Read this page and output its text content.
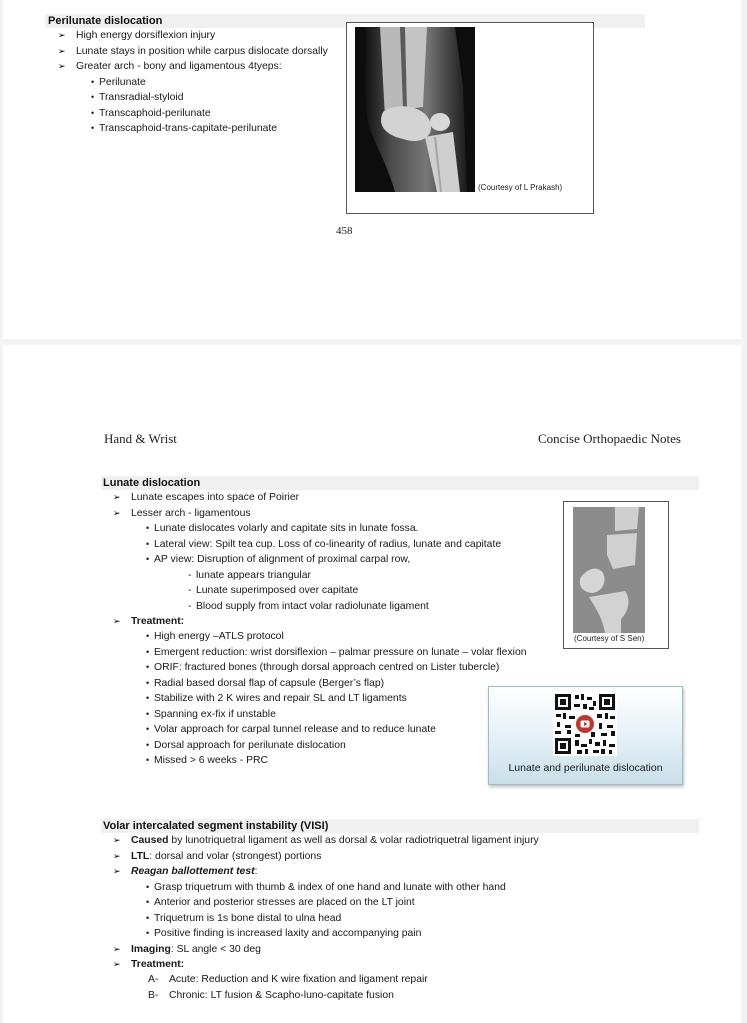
Perilunate dislocation
➢ High energy dorsiflexion injury
➢ Lunate stays in position while carpus dislocate dorsally
➢ Greater arch - bony and ligamentous 4tyeps:
• Perilunate
• Transradial-styloid
• Transcaphoid-perilunate
• Transcaphoid-trans-capitate-perilunate
(Courtesy of L Prakash)
458
Hand & Wrist	Concise Orthopaedic Notes
Lunate dislocation
➢ Lunate escapes into space of Poirier
➢ Lesser arch - ligamentous
• Lunate dislocates volarly and capitate sits in lunate fossa.
• Lateral view: Spilt tea cup. Loss of co-linearity of radius, lunate and capitate
• AP view: Disruption of alignment of proximal carpal row,
- lunate appears triangular
- Lunate superimposed over capitate
- Blood supply from intact volar radiolunate ligament
➢ Treatment:
• High energy –ATLS protocol
• Emergent reduction: wrist dorsiflexion – palmar pressure on lunate – volar flexion
• ORIF: fractured bones (through dorsal approach centred on Lister tubercle)
• Radial based dorsal flap of capsule (Berger’s flap)
• Stabilize with 2 K wires and repair SL and LT ligaments
• Spanning ex-fix if unstable
• Volar approach for carpal tunnel release and to reduce lunate
• Dorsal approach for perilunate dislocation
• Missed > 6 weeks - PRC
(Courtesy of S Sen)
Lunate and perilunate dislocation
Volar intercalated segment instability (VISI)
➢ Caused by lunotriquetral ligament as well as dorsal & volar radiotriquetral ligament injury
➢ LTL: dorsal and volar (strongest) portions
➢ Reagan ballottement test:
• Grasp triquetrum with thumb & index of one hand and lunate with other hand
• Anterior and posterior stresses are placed on the LT joint
• Triquetrum is 1s bone distal to ulna head
• Positive finding is increased laxity and accompanying pain
➢ Imaging: SL angle < 30 deg
➢ Treatment:
A- Acute: Reduction and K wire fixation and ligament repair
B- Chronic: LT fusion & Scapho-luno-capitate fusion
